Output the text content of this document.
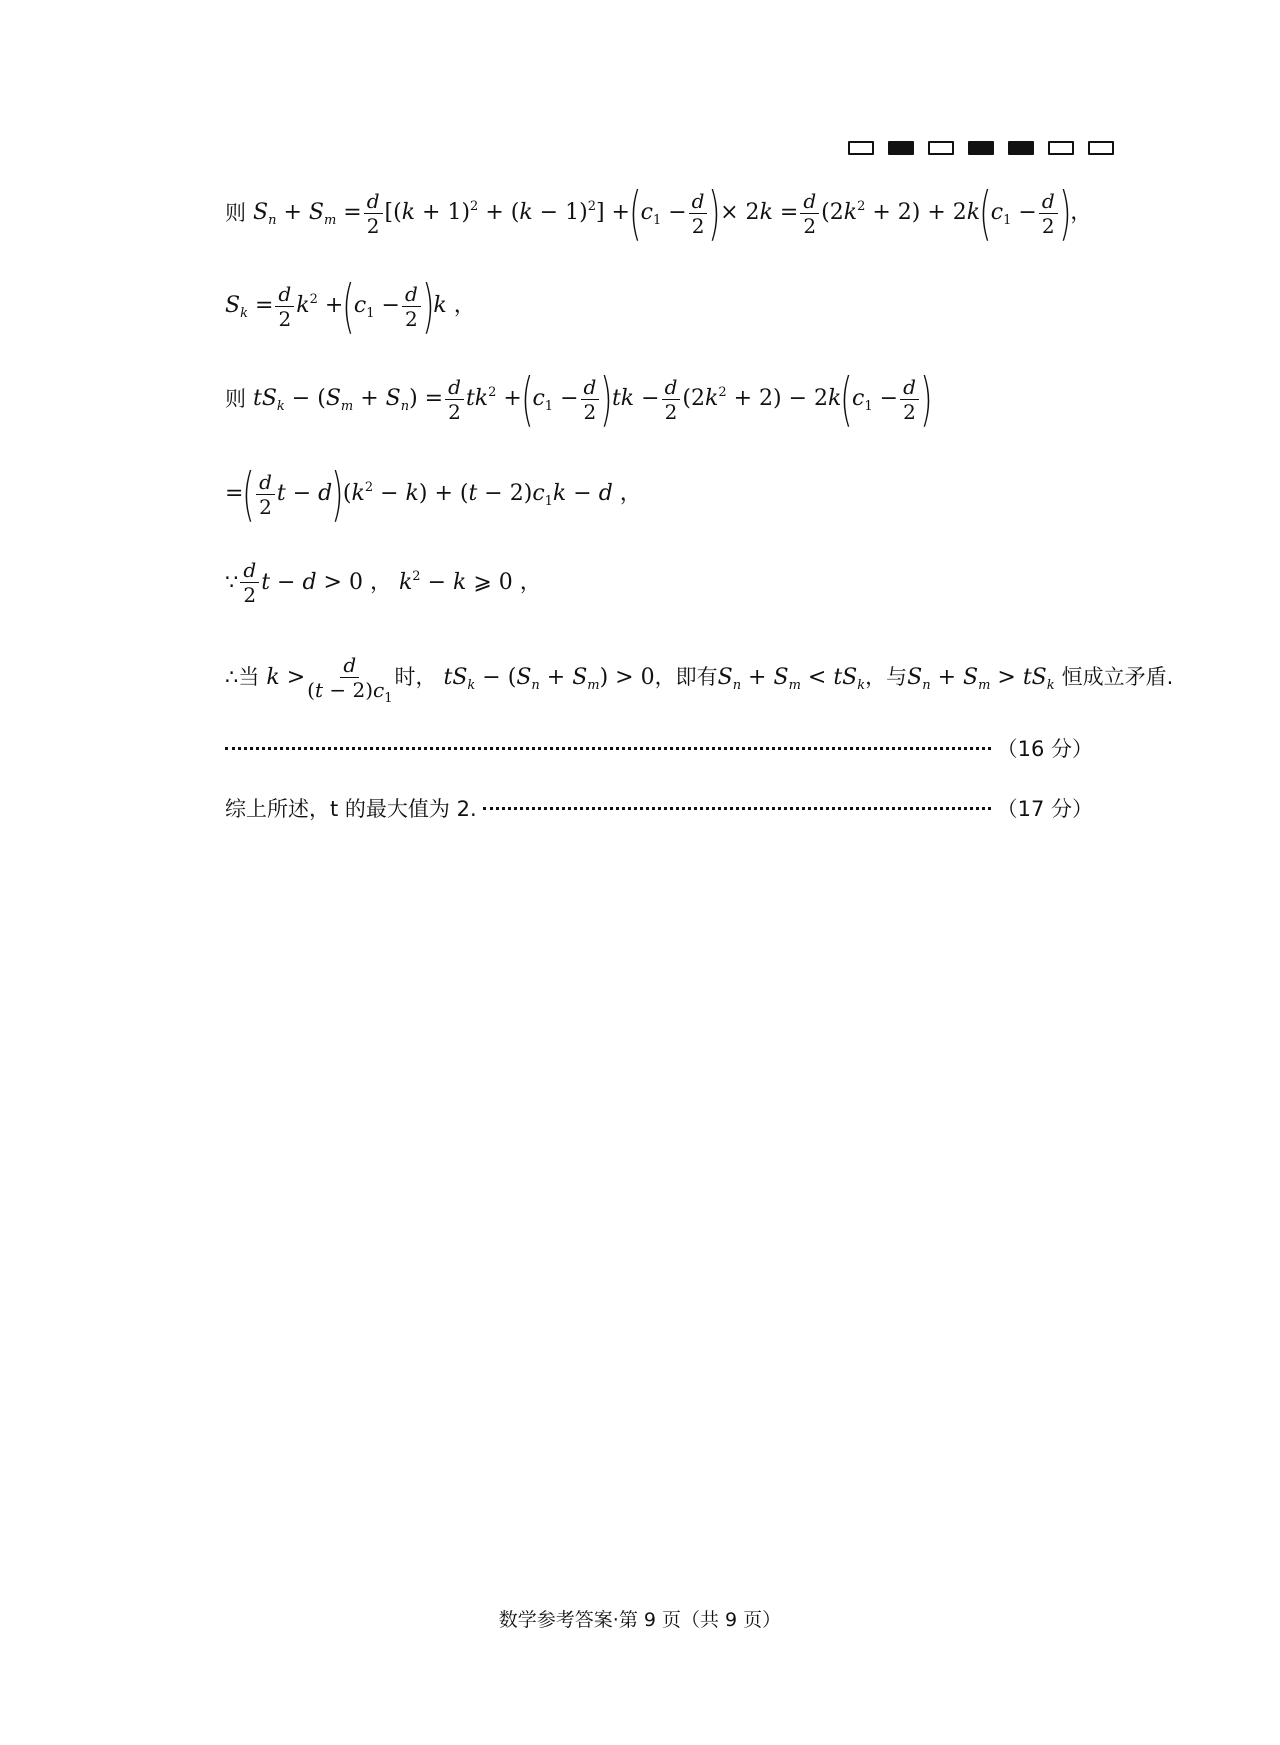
则 $S_n + S_m = \frac{d}{2} [(k + 1)^2 + (k - 1)^2]$ + ( $c_1 - \frac{d}{2}$ ) × $2k = \frac{d}{2} (2k^2 + 2) + 2k$ ( $c_1 - \frac{d}{2}$ ) ，
$S_k = \frac{d}{2} k^2$ + ( $c_1 - \frac{d}{2}$ ) k ，
则 $tS_k - (S_m + S_n) = \frac{d}{2} tk^2$ + ( $c_1 - \frac{d}{2}$ ) tk − $\frac{d}{2} (2k^2 + 2) - 2k$ ( $c_1 - \frac{d}{2}$ )
= ( $\frac{d}{2}$ t − d ) $(k^2 - k) + (t - 2)c_1k - d$ ，
∵ $\frac{d}{2}$ t − d > 0 ， $k^2 - k$ ⩾ 0 ，
∴当 $k > \frac{d}{(t - 2)c_1}$ 时， $tS_k - (S_n + S_m) > 0$ ，即有 $S_n + S_m < tS_k$ ，与 $S_n + S_m > tS_k$ 恒成立矛盾.
（16 分）
综上所述，t 的最大值为 2.	（17 分）
数学参考答案·第 9 页（共 9 页）
